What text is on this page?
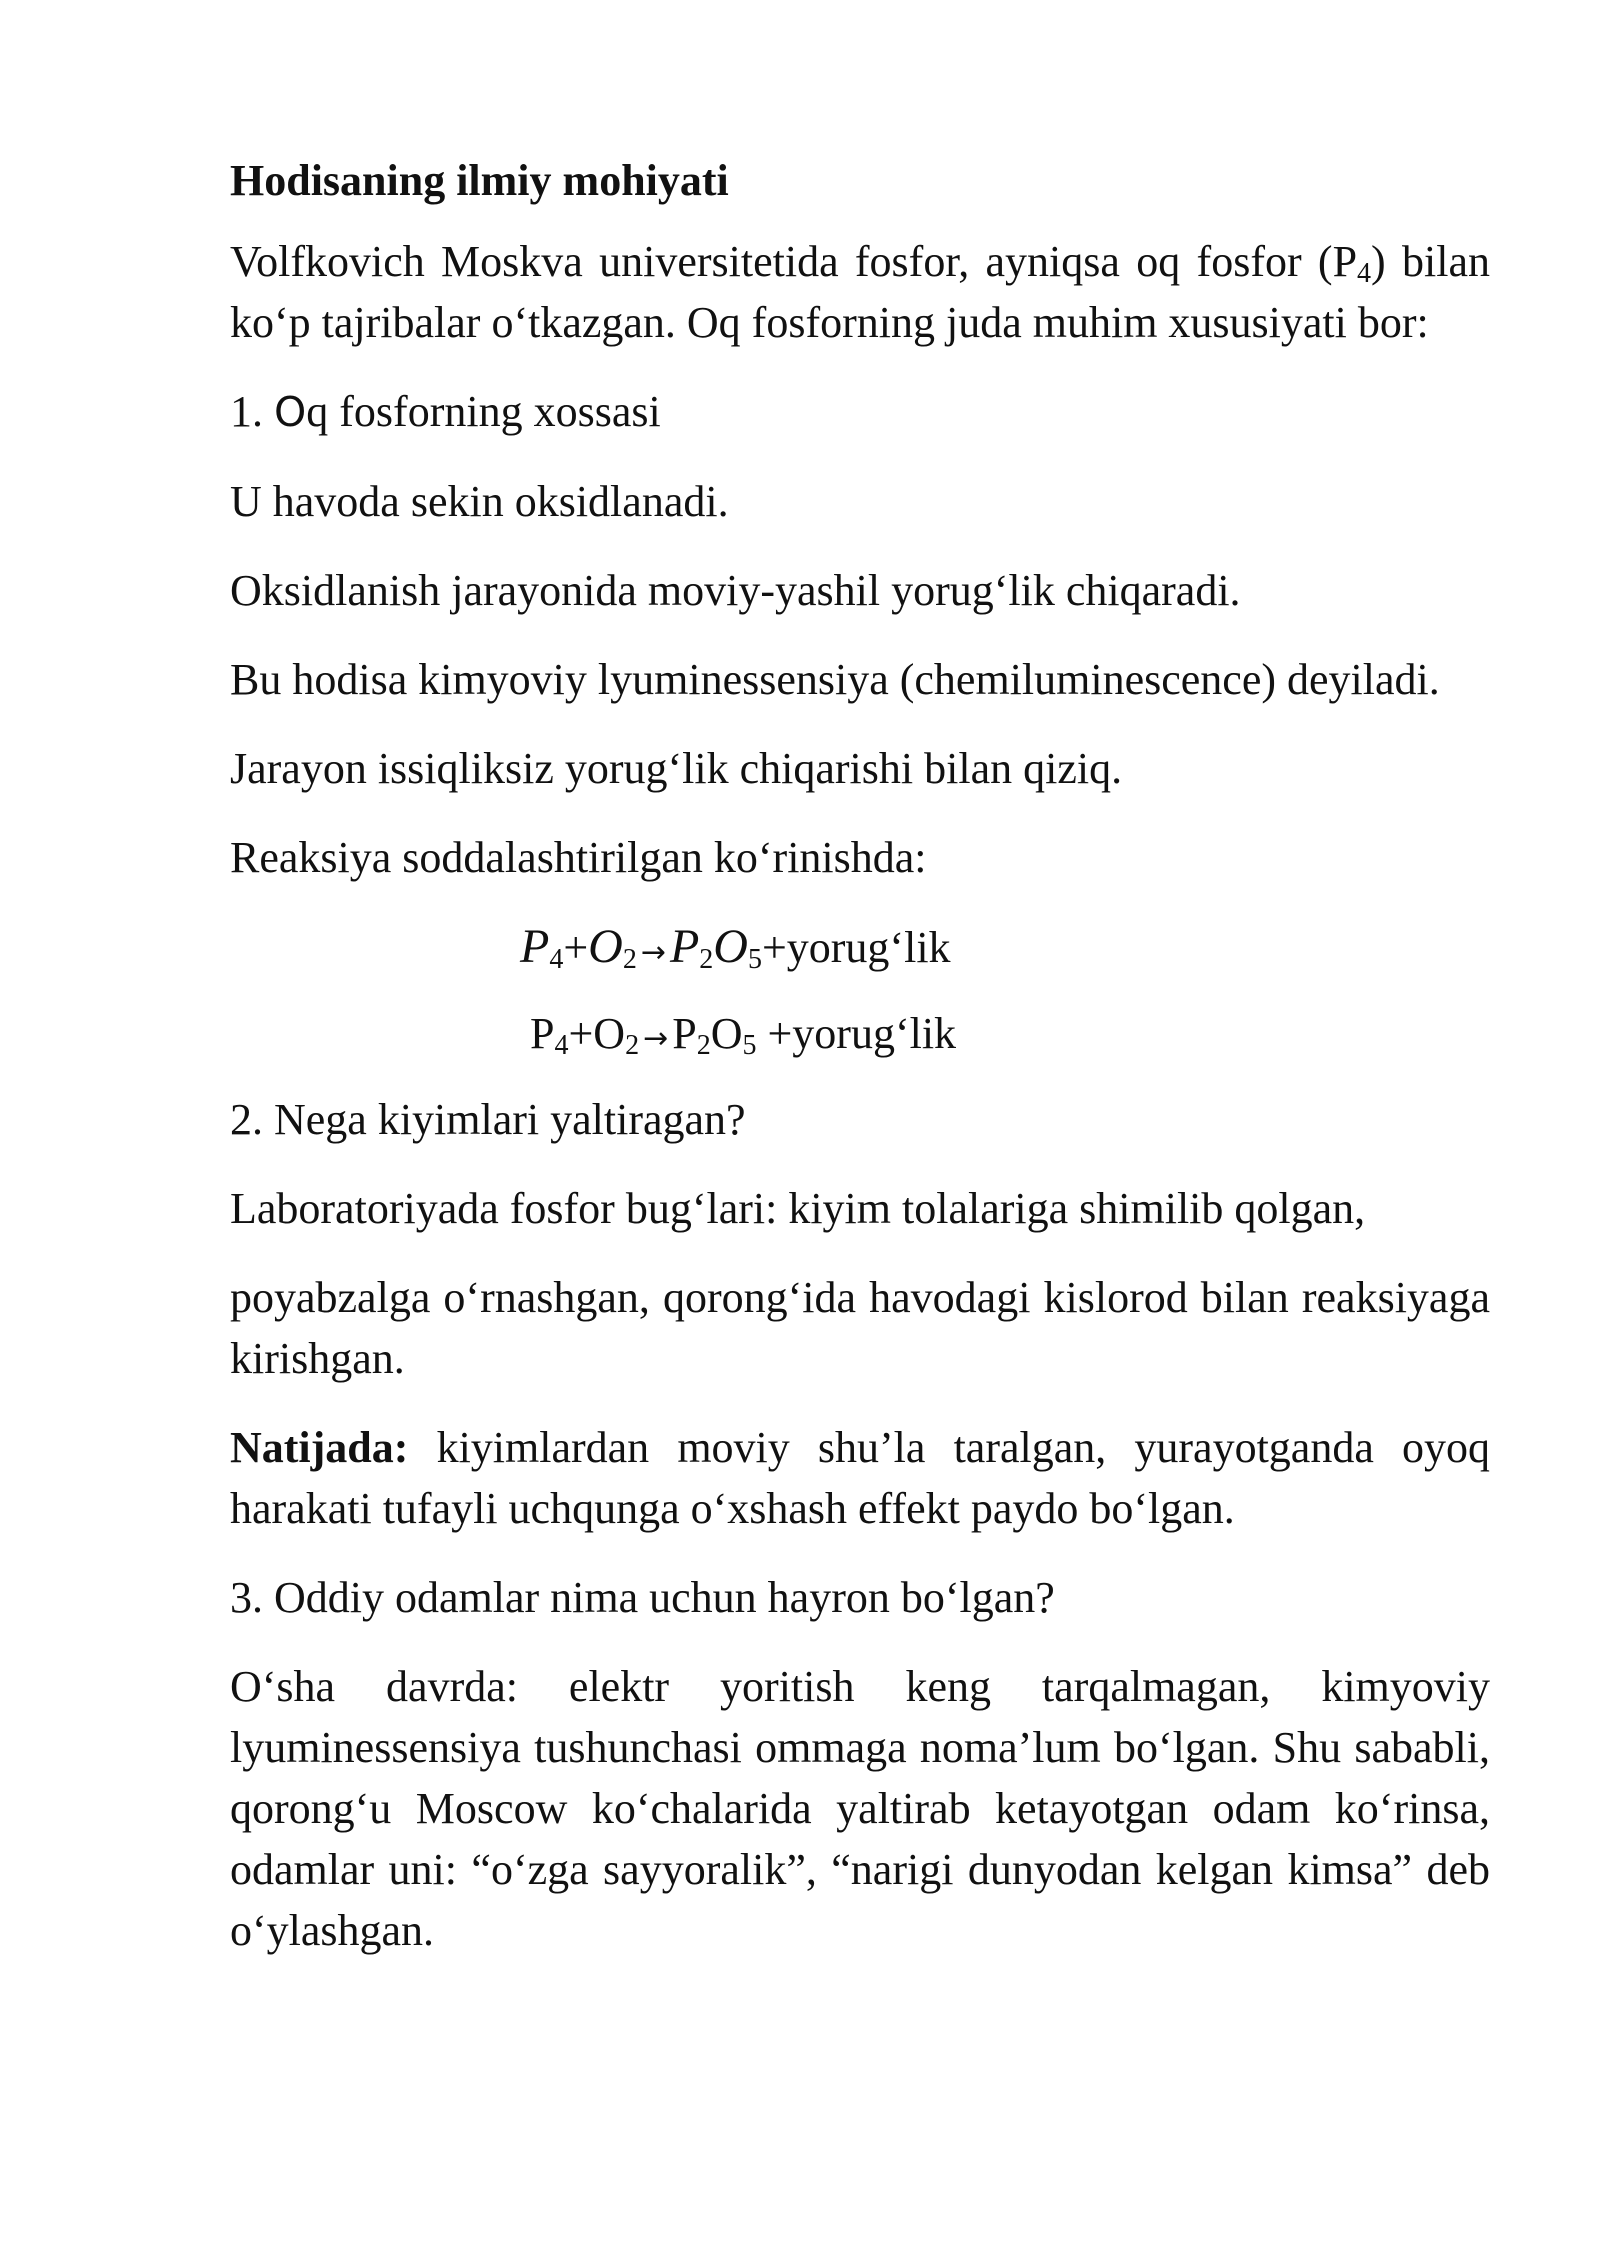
Hodisaning ilmiy mohiyati

Volfkovich Moskva universitetida fosfor, ayniqsa oq fosfor $(P_4)$ bilan ko‘p tajribalar o‘tkazgan. Oq fosforning juda muhim xususiyati bor:

1. Oq fosforning xossasi

U havoda sekin oksidlanadi.

Oksidlanish jarayonida moviy-yashil yorug‘lik chiqaradi.

Bu hodisa kimyoviy lyuminessensiya (chemiluminescence) deyiladi.

Jarayon issiqliksiz yorug‘lik chiqarishi bilan qiziq.

Reaksiya soddalashtirilgan ko‘rinishda:

$P_4+O_2$ $\to P_2O_5+yorug‘lik$

$P_4+O_2 \to P_2O_5$ +yorug‘lik

2. Nega kiyimlari yaltiragan?

Laboratoriyada fosfor bug‘lari: kiyim tolalariga shimilib qolgan,

poyabzalga o‘rnashgan, qorong‘ida havodagi kislorod bilan reaksiyaga kirishgan.

Natijada: kiyimlardan moviy shu’la taralgan, yurayotganda oyoq harakati tufayli uchqunga o‘xshash effekt paydo bo‘lgan.

3. Oddiy odamlar nima uchun hayron bo‘lgan?

O‘sha davrda: elektr yoritish keng tarqalmagan, kimyoviy lyuminessensiya tushunchasi ommaga noma’lum bo‘lgan. Shu sababli, qorong‘u Moscow ko‘chalarida yaltirab ketayotgan odam ko‘rinsa, odamlar uni: “o‘zga sayyoralik”, “narigi dunyodan kelgan kimsa” deb o‘ylashgan.
